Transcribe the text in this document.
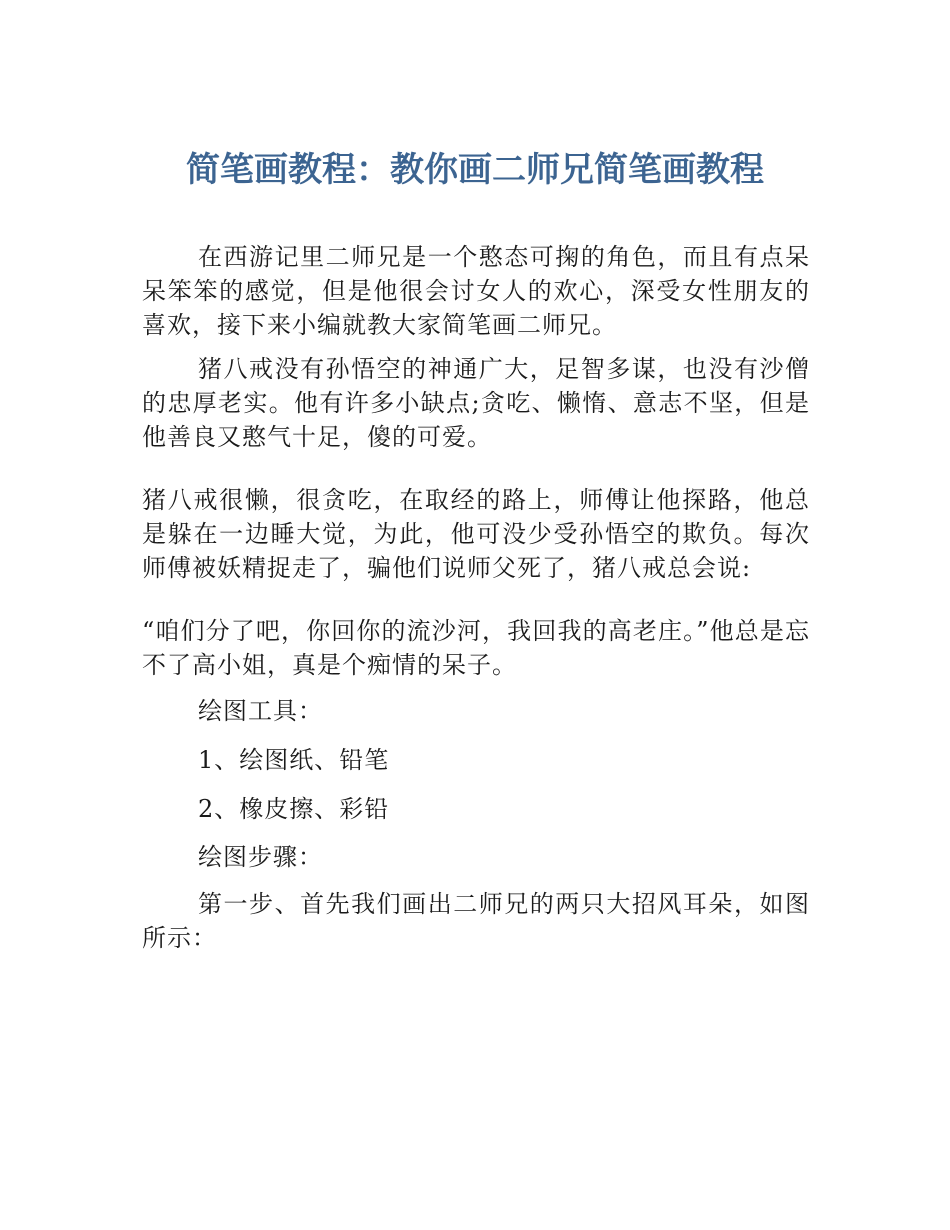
简笔画教程：教你画二师兄简笔画教程

在西游记里二师兄是一个憨态可掬的角色，而且有点呆呆笨笨的感觉，但是他很会讨女人的欢心，深受女性朋友的喜欢，接下来小编就教大家简笔画二师兄。

猪八戒没有孙悟空的神通广大，足智多谋，也没有沙僧的忠厚老实。他有许多小缺点;贪吃、懒惰、意志不坚，但是他善良又憨气十足，傻的可爱。

猪八戒很懒，很贪吃，在取经的路上，师傅让他探路，他总是躲在一边睡大觉，为此，他可没少受孙悟空的欺负。每次师傅被妖精捉走了，骗他们说师父死了，猪八戒总会说:

“咱们分了吧，你回你的流沙河，我回我的高老庄。”他总是忘不了高小姐，真是个痴情的呆子。

绘图工具：

1、绘图纸、铅笔

2、橡皮擦、彩铅

绘图步骤：

第一步、首先我们画出二师兄的两只大招风耳朵，如图所示：
